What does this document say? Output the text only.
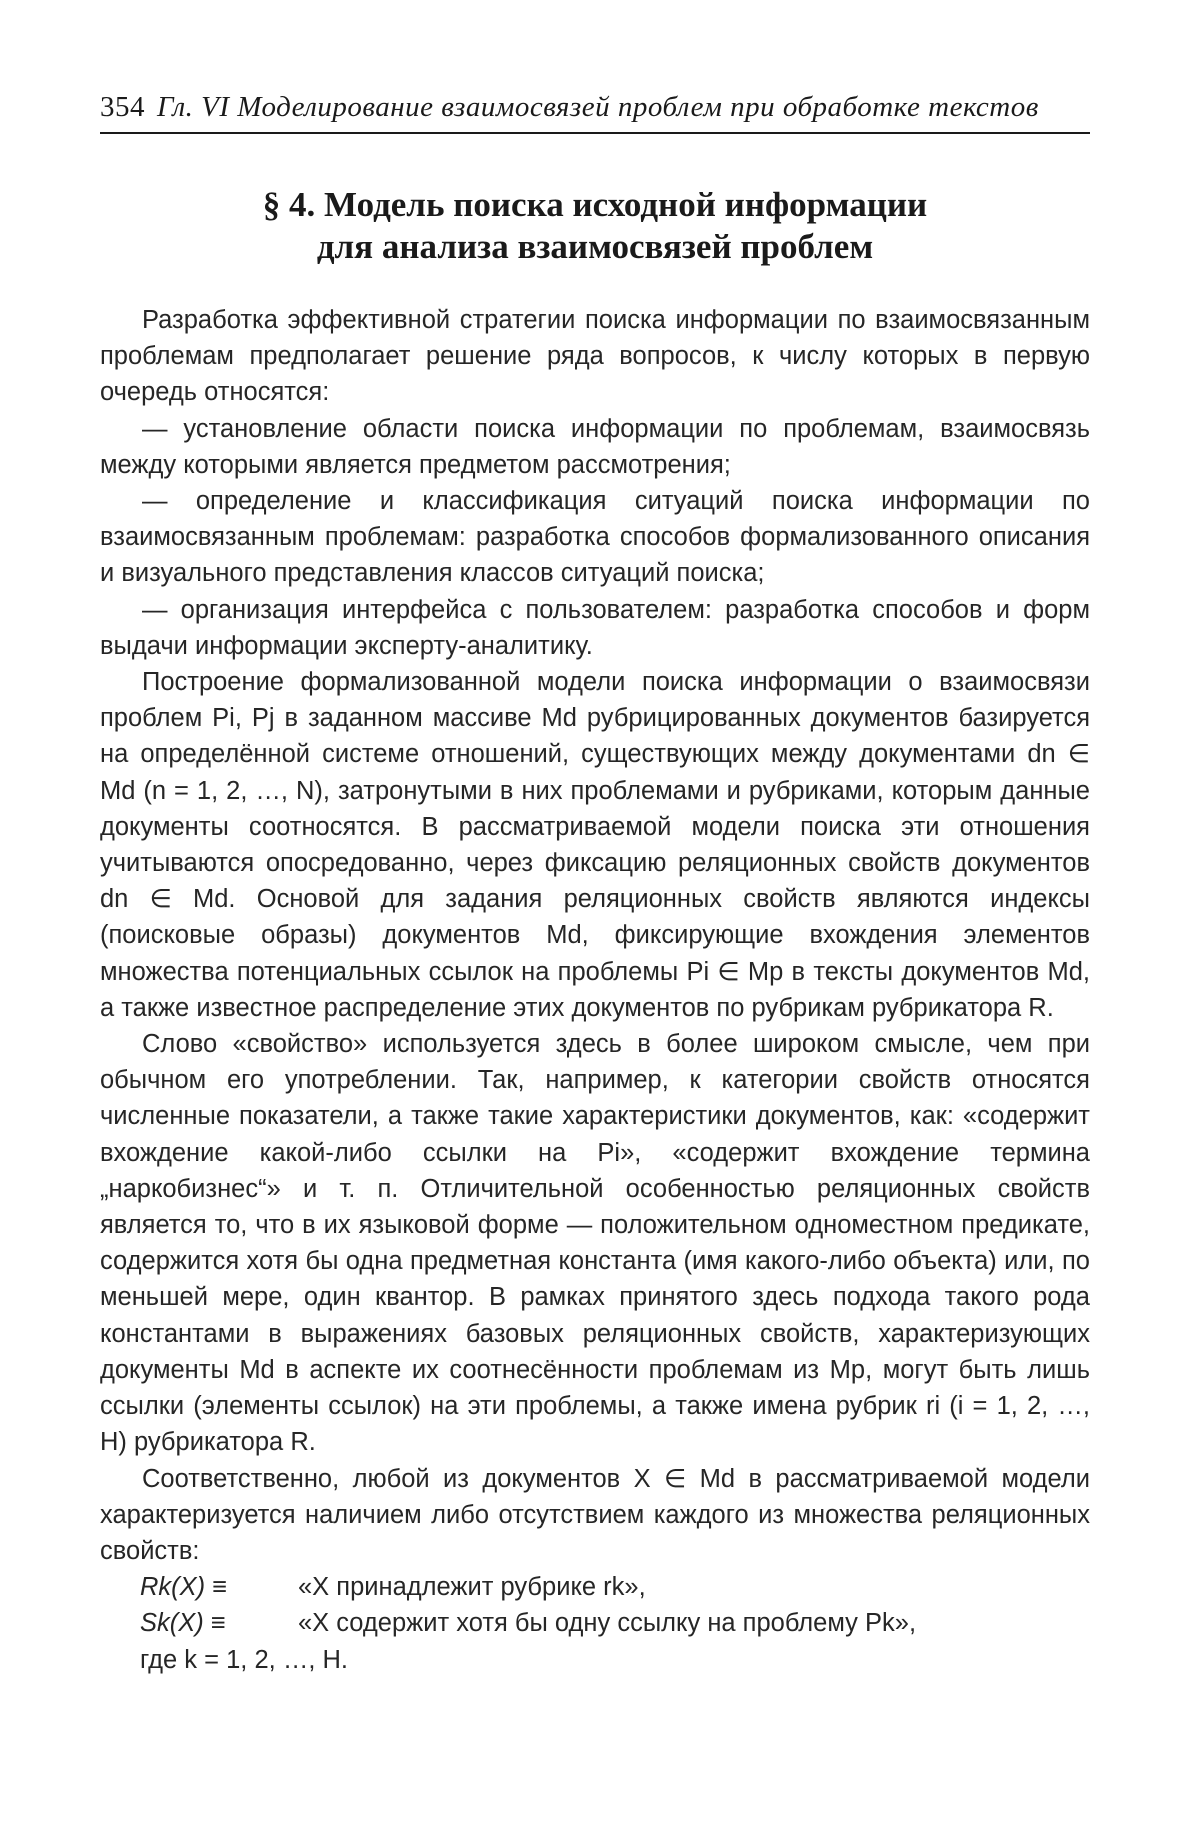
354 Гл. VI Моделирование взаимосвязей проблем при обработке текстов
§ 4. Модель поиска исходной информации
для анализа взаимосвязей проблем

Разработка эффективной стратегии поиска информации по взаимосвязанным проблемам предполагает решение ряда вопросов, к числу которых в первую очередь относятся:

— установление области поиска информации по проблемам, взаимосвязь между которыми является предметом рассмотрения;

— определение и классификация ситуаций поиска информации по взаимосвязанным проблемам: разработка способов формализованного описания и визуального представления классов ситуаций поиска;

— организация интерфейса с пользователем: разработка способов и форм выдачи информации эксперту-аналитику.

Построение формализованной модели поиска информации о взаимосвязи проблем Pi, Pj в заданном массиве Md рубрицированных документов базируется на определённой системе отношений, существующих между документами dn ∈ Md (n = 1, 2, …, N), затронутыми в них проблемами и рубриками, которым данные документы соотносятся. В рассматриваемой модели поиска эти отношения учитываются опосредованно, через фиксацию реляционных свойств документов dn ∈ Md. Основой для задания реляционных свойств являются индексы (поисковые образы) документов Md, фиксирующие вхождения элементов множества потенциальных ссылок на проблемы Pi ∈ Mp в тексты документов Md, а также известное распределение этих документов по рубрикам рубрикатора R.

Слово «свойство» используется здесь в более широком смысле, чем при обычном его употреблении. Так, например, к категории свойств относятся численные показатели, а также такие характеристики документов, как: «содержит вхождение какой-либо ссылки на Pi», «содержит вхождение термина „наркобизнес“» и т. п. Отличительной особенностью реляционных свойств является то, что в их языковой форме — положительном одноместном предикате, содержится хотя бы одна предметная константа (имя какого-либо объекта) или, по меньшей мере, один квантор. В рамках принятого здесь подхода такого рода константами в выражениях базовых реляционных свойств, характеризующих документы Md в аспекте их соотнесённости проблемам из Mp, могут быть лишь ссылки (элементы ссылок) на эти проблемы, а также имена рубрик ri (i = 1, 2, …, H) рубрикатора R.

Соответственно, любой из документов X ∈ Md в рассматриваемой модели характеризуется наличием либо отсутствием каждого из множества реляционных свойств:

Rk(X) ≡	«X принадлежит рубрике rk»,
Sk(X) ≡	«X содержит хотя бы одну ссылку на проблему Pk»,
где k = 1, 2, …, H.
